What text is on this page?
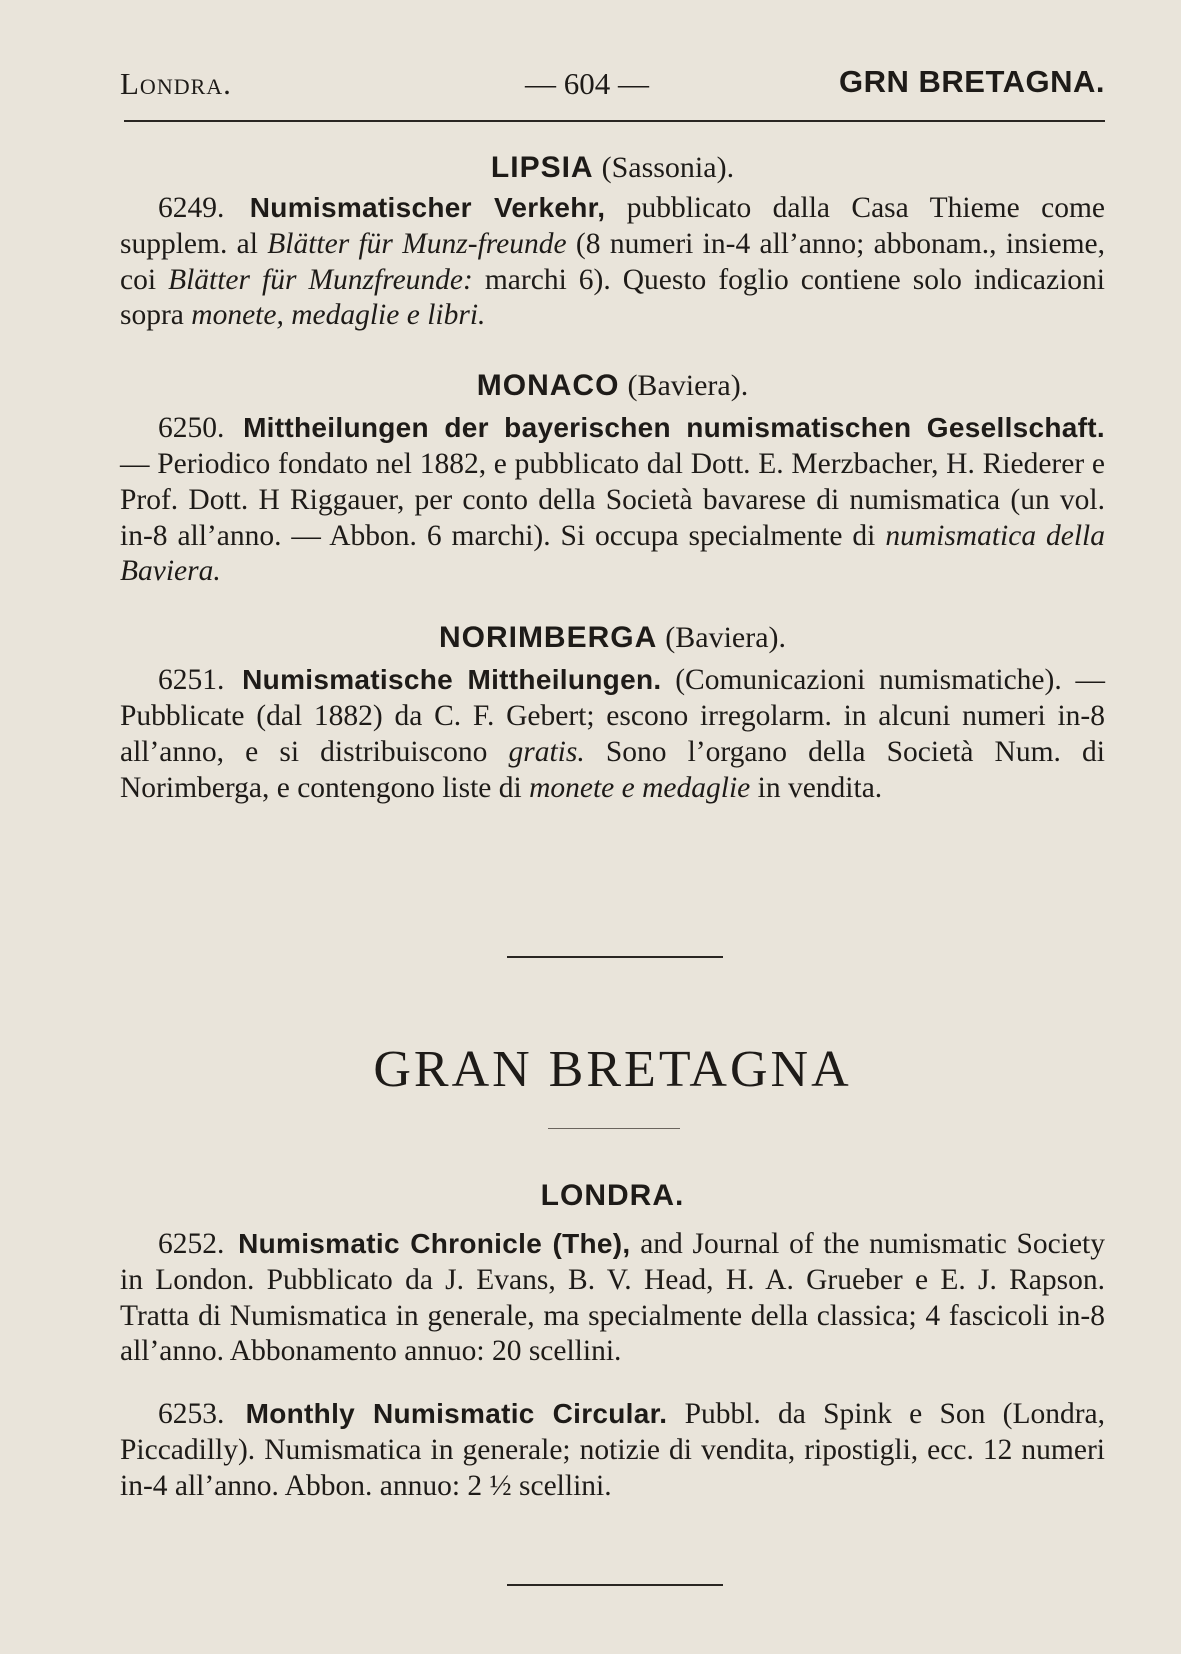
Londra.	— 604 —	GRN BRETAGNA.

LIPSIA (Sassonia).

6249. Numismatischer Verkehr, pubblicato dalla Casa Thieme come supplem. al Blätter für Munz-freunde (8 numeri in-4 all’anno; abbonam., insieme, coi Blätter für Munzfreunde: marchi 6). Questo foglio contiene solo indicazioni sopra monete, medaglie e libri.

MONACO (Baviera).

6250. Mittheilungen der bayerischen numismatischen Gesellschaft. — Periodico fondato nel 1882, e pubblicato dal Dott. E. Merzbacher, H. Riederer e Prof. Dott. H Riggauer, per conto della Società bavarese di numismatica (un vol. in-8 all’anno. — Abbon. 6 marchi). Si occupa specialmente di numismatica della Baviera.

NORIMBERGA (Baviera).

6251. Numismatische Mittheilungen. (Comunicazioni numismatiche). — Pubblicate (dal 1882) da C. F. Gebert; escono irregolarm. in alcuni numeri in-8 all’anno, e si distribuiscono gratis. Sono l’organo della Società Num. di Norimberga, e contengono liste di monete e medaglie in vendita.

GRAN BRETAGNA

LONDRA.

6252. Numismatic Chronicle (The), and Journal of the numismatic Society in London. Pubblicato da J. Evans, B. V. Head, H. A. Grueber e E. J. Rapson. Tratta di Numismatica in generale, ma specialmente della classica; 4 fascicoli in-8 all’anno. Abbonamento annuo: 20 scellini.

6253. Monthly Numismatic Circular. Pubbl. da Spink e Son (Londra, Piccadilly). Numismatica in generale; notizie di vendita, ripostigli, ecc. 12 numeri in-4 all’anno. Abbon. annuo: 2 ½ scellini.
